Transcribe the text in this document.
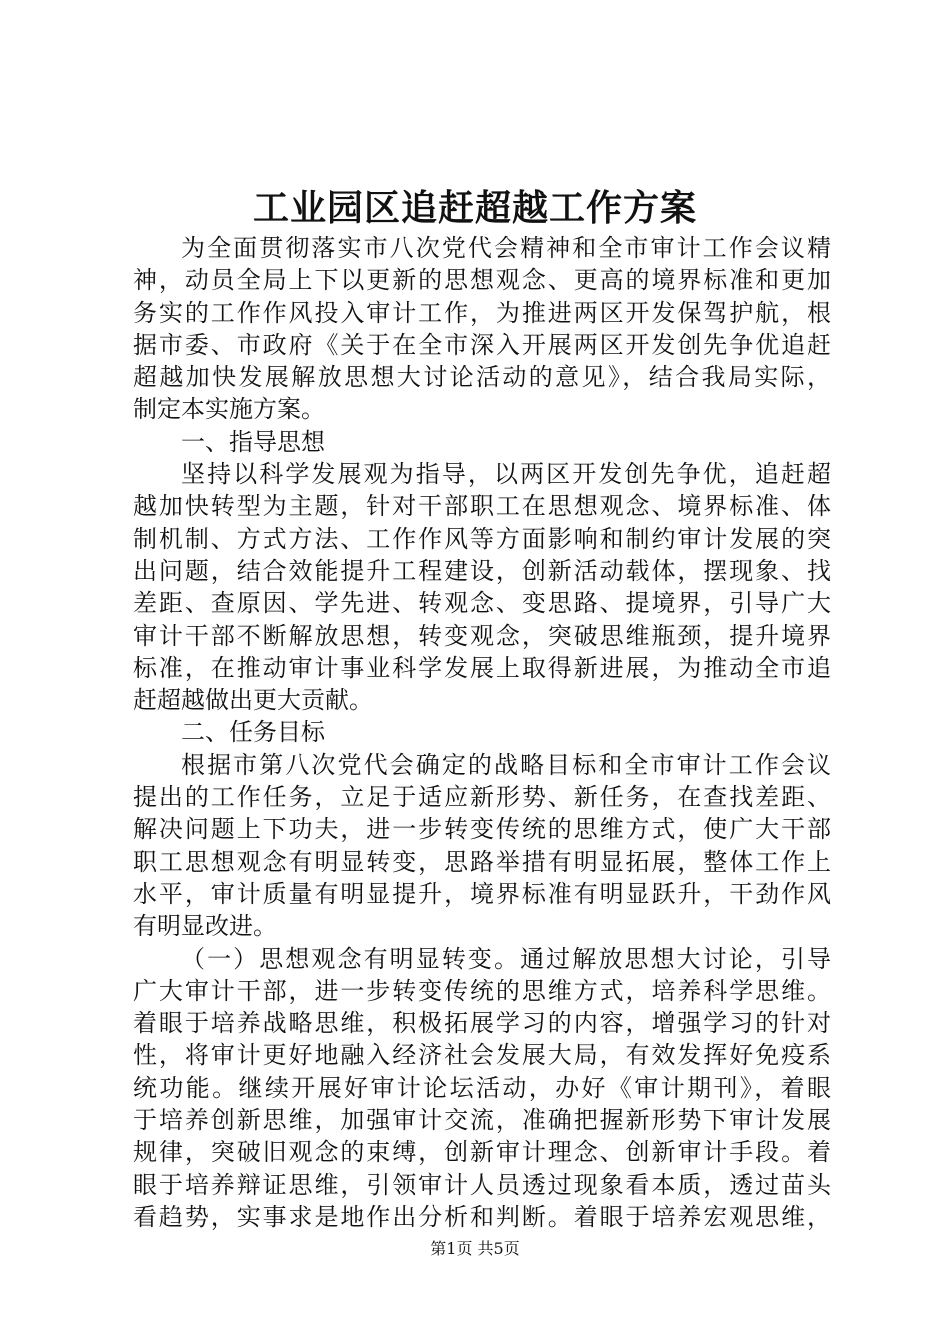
工业园区追赶超越工作方案
为全面贯彻落实市八次党代会精神和全市审计工作会议精
神，动员全局上下以更新的思想观念、更高的境界标准和更加
务实的工作作风投入审计工作，为推进两区开发保驾护航，根
据市委、市政府《关于在全市深入开展两区开发创先争优追赶
超越加快发展解放思想大讨论活动的意见》，结合我局实际，
制定本实施方案。
一、指导思想
坚持以科学发展观为指导，以两区开发创先争优，追赶超
越加快转型为主题，针对干部职工在思想观念、境界标准、体
制机制、方式方法、工作作风等方面影响和制约审计发展的突
出问题，结合效能提升工程建设，创新活动载体，摆现象、找
差距、查原因、学先进、转观念、变思路、提境界，引导广大
审计干部不断解放思想，转变观念，突破思维瓶颈，提升境界
标准，在推动审计事业科学发展上取得新进展，为推动全市追
赶超越做出更大贡献。
二、任务目标
根据市第八次党代会确定的战略目标和全市审计工作会议
提出的工作任务，立足于适应新形势、新任务，在查找差距、
解决问题上下功夫，进一步转变传统的思维方式，使广大干部
职工思想观念有明显转变，思路举措有明显拓展，整体工作上
水平，审计质量有明显提升，境界标准有明显跃升，干劲作风
有明显改进。
（一）思想观念有明显转变。通过解放思想大讨论，引导
广大审计干部，进一步转变传统的思维方式，培养科学思维。
着眼于培养战略思维，积极拓展学习的内容，增强学习的针对
性，将审计更好地融入经济社会发展大局，有效发挥好免疫系
统功能。继续开展好审计论坛活动，办好《审计期刊》，着眼
于培养创新思维，加强审计交流，准确把握新形势下审计发展
规律，突破旧观念的束缚，创新审计理念、创新审计手段。着
眼于培养辩证思维，引领审计人员透过现象看本质，透过苗头
看趋势，实事求是地作出分析和判断。着眼于培养宏观思维，
第1页 共5页
